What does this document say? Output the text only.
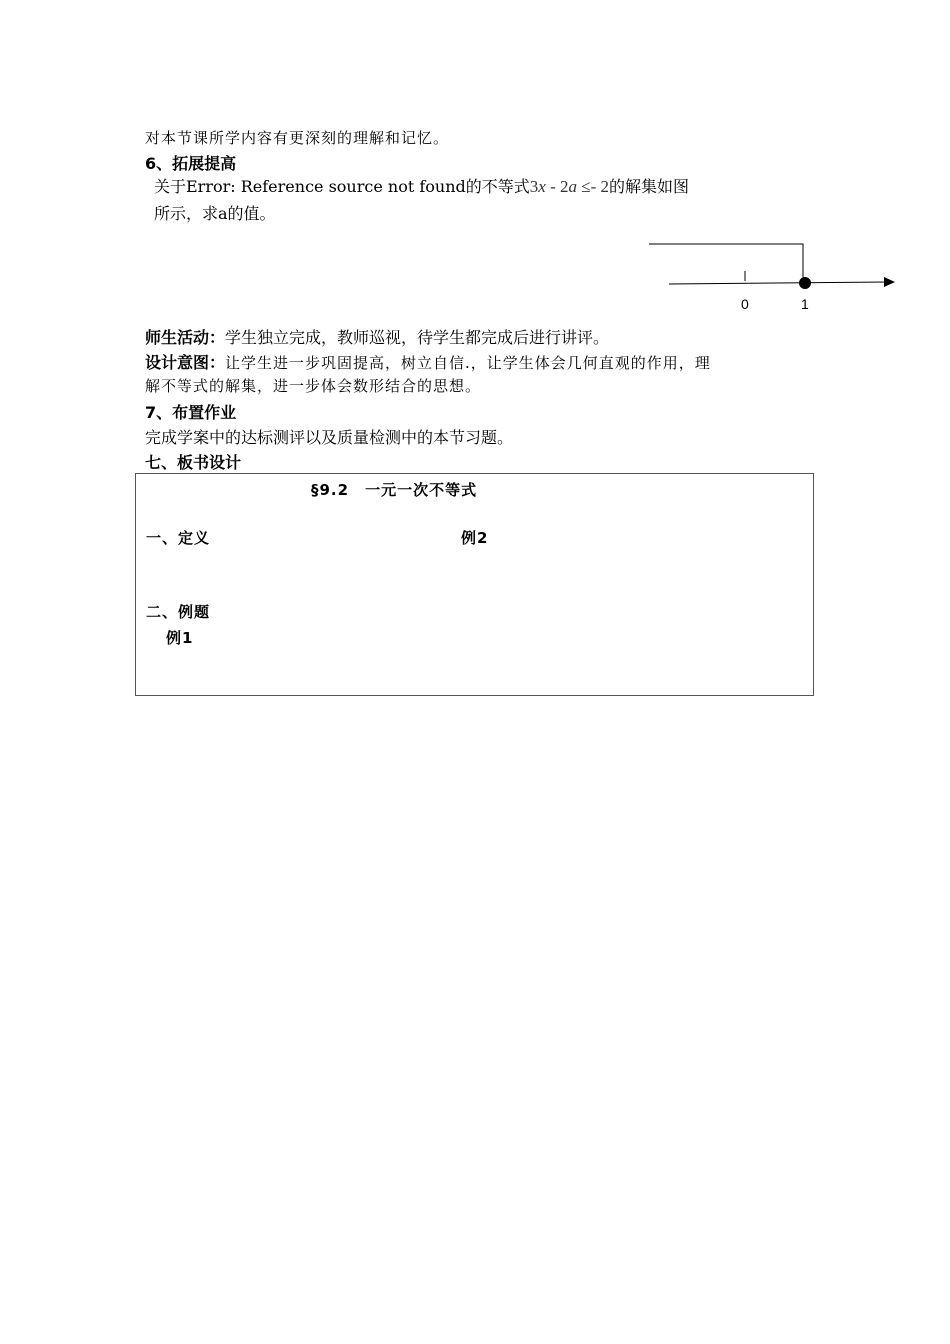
对本节课所学内容有更深刻的理解和记忆。
6、拓展提高
关于Error: Reference source not found的不等式3x - 2a ≤- 2的解集如图
所示，求a的值。
0	1
师生活动：学生独立完成，教师巡视，待学生都完成后进行讲评。
设计意图：让学生进一步巩固提高，树立自信.，让学生体会几何直观的作用，理
解不等式的解集，进一步体会数形结合的思想。
7、布置作业
完成学案中的达标测评以及质量检测中的本节习题。
七、板书设计
§9.2　一元一次不等式
一、定义	例2
二、例题
例1
